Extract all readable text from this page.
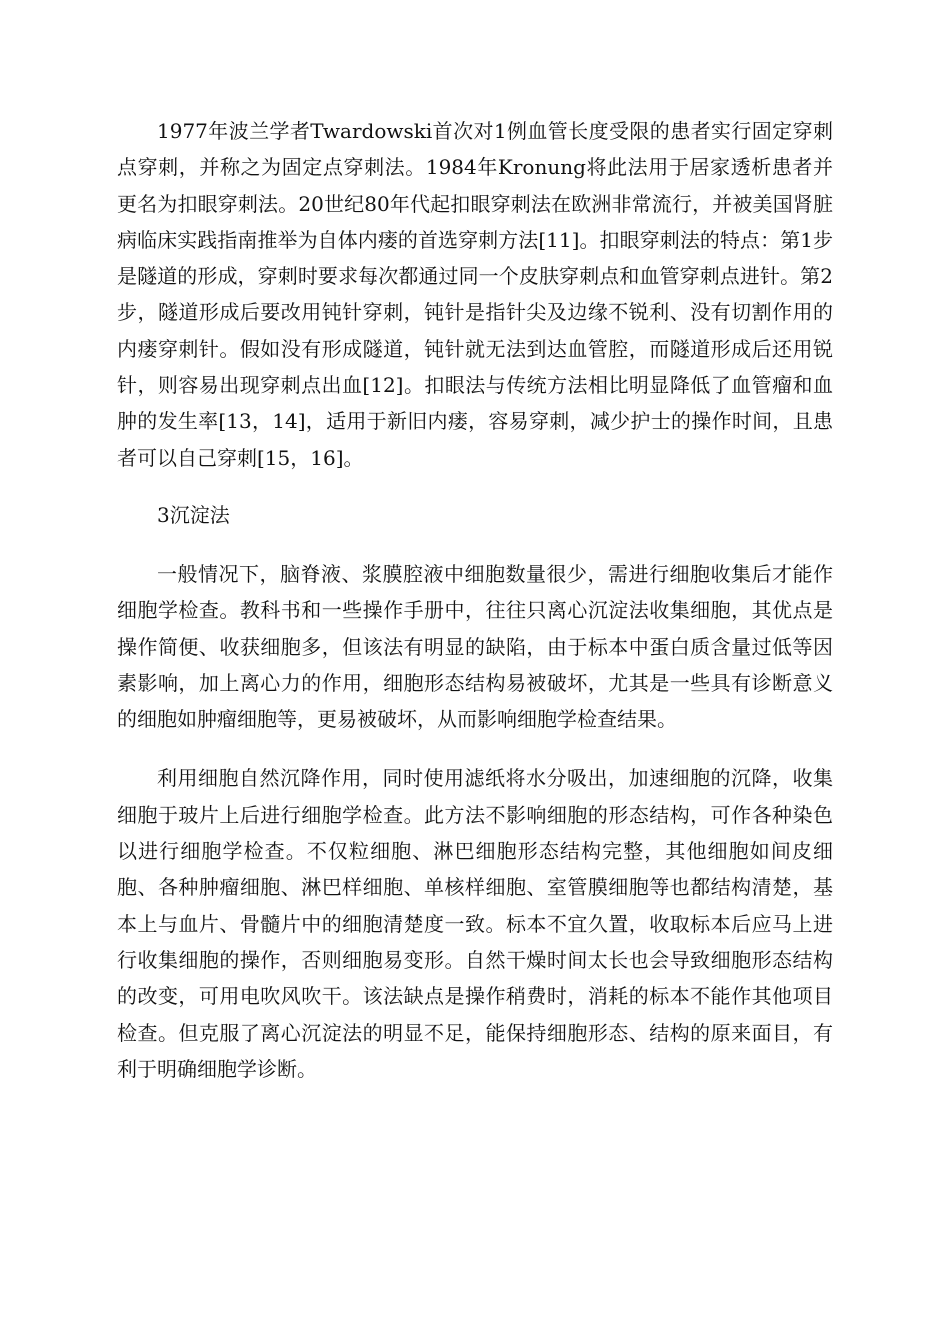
1977年波兰学者Twardowski首次对1例血管长度受限的患者实行固定穿刺点穿刺，并称之为固定点穿刺法。1984年Kronung将此法用于居家透析患者并更名为扣眼穿刺法。20世纪80年代起扣眼穿刺法在欧洲非常流行，并被美国肾脏病临床实践指南推举为自体内瘘的首选穿刺方法[11]。扣眼穿刺法的特点：第1步是隧道的形成，穿刺时要求每次都通过同一个皮肤穿刺点和血管穿刺点进针。第2步，隧道形成后要改用钝针穿刺，钝针是指针尖及边缘不锐利、没有切割作用的内瘘穿刺针。假如没有形成隧道，钝针就无法到达血管腔，而隧道形成后还用锐针，则容易出现穿刺点出血[12]。扣眼法与传统方法相比明显降低了血管瘤和血肿的发生率[13，14]，适用于新旧内瘘，容易穿刺，减少护士的操作时间，且患者可以自己穿刺[15，16]。

3沉淀法

一般情况下，脑脊液、浆膜腔液中细胞数量很少，需进行细胞收集后才能作细胞学检查。教科书和一些操作手册中，往往只离心沉淀法收集细胞，其优点是操作简便、收获细胞多，但该法有明显的缺陷，由于标本中蛋白质含量过低等因素影响，加上离心力的作用，细胞形态结构易被破坏，尤其是一些具有诊断意义的细胞如肿瘤细胞等，更易被破坏，从而影响细胞学检查结果。

利用细胞自然沉降作用，同时使用滤纸将水分吸出，加速细胞的沉降，收集细胞于玻片上后进行细胞学检查。此方法不影响细胞的形态结构，可作各种染色以进行细胞学检查。不仅粒细胞、淋巴细胞形态结构完整，其他细胞如间皮细胞、各种肿瘤细胞、淋巴样细胞、单核样细胞、室管膜细胞等也都结构清楚，基本上与血片、骨髓片中的细胞清楚度一致。标本不宜久置，收取标本后应马上进行收集细胞的操作，否则细胞易变形。自然干燥时间太长也会导致细胞形态结构的改变，可用电吹风吹干。该法缺点是操作稍费时，消耗的标本不能作其他项目检查。但克服了离心沉淀法的明显不足，能保持细胞形态、结构的原来面目，有利于明确细胞学诊断。
